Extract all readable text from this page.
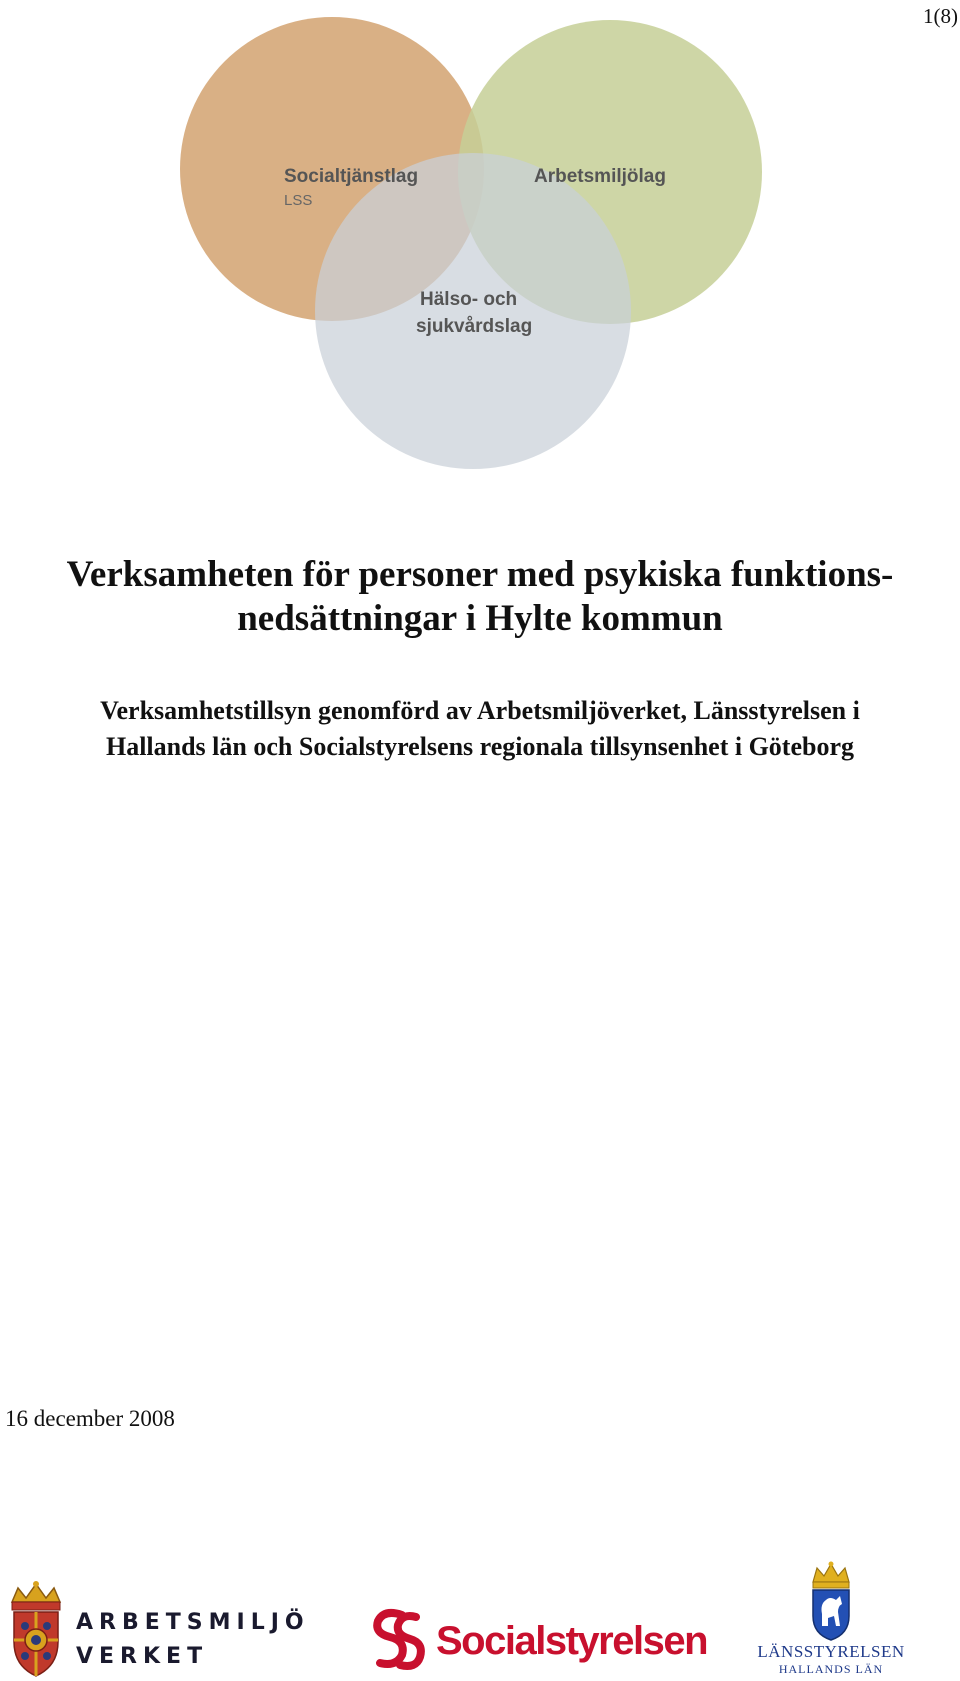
1(8)
Socialtjänstlag
LSS
Arbetsmiljölag
Hälso- och
sjukvårdslag
Verksamheten för personer med psykiska funktions-
nedsättningar i Hylte kommun
Verksamhetstillsyn genomförd av Arbetsmiljöverket, Länsstyrelsen i
Hallands län och Socialstyrelsens regionala tillsynsenhet i Göteborg
16 december 2008
ARBETSMILJÖ
VERKET	Socialstyrelsen	LÄNSSTYRELSEN
HALLANDS LÄN
